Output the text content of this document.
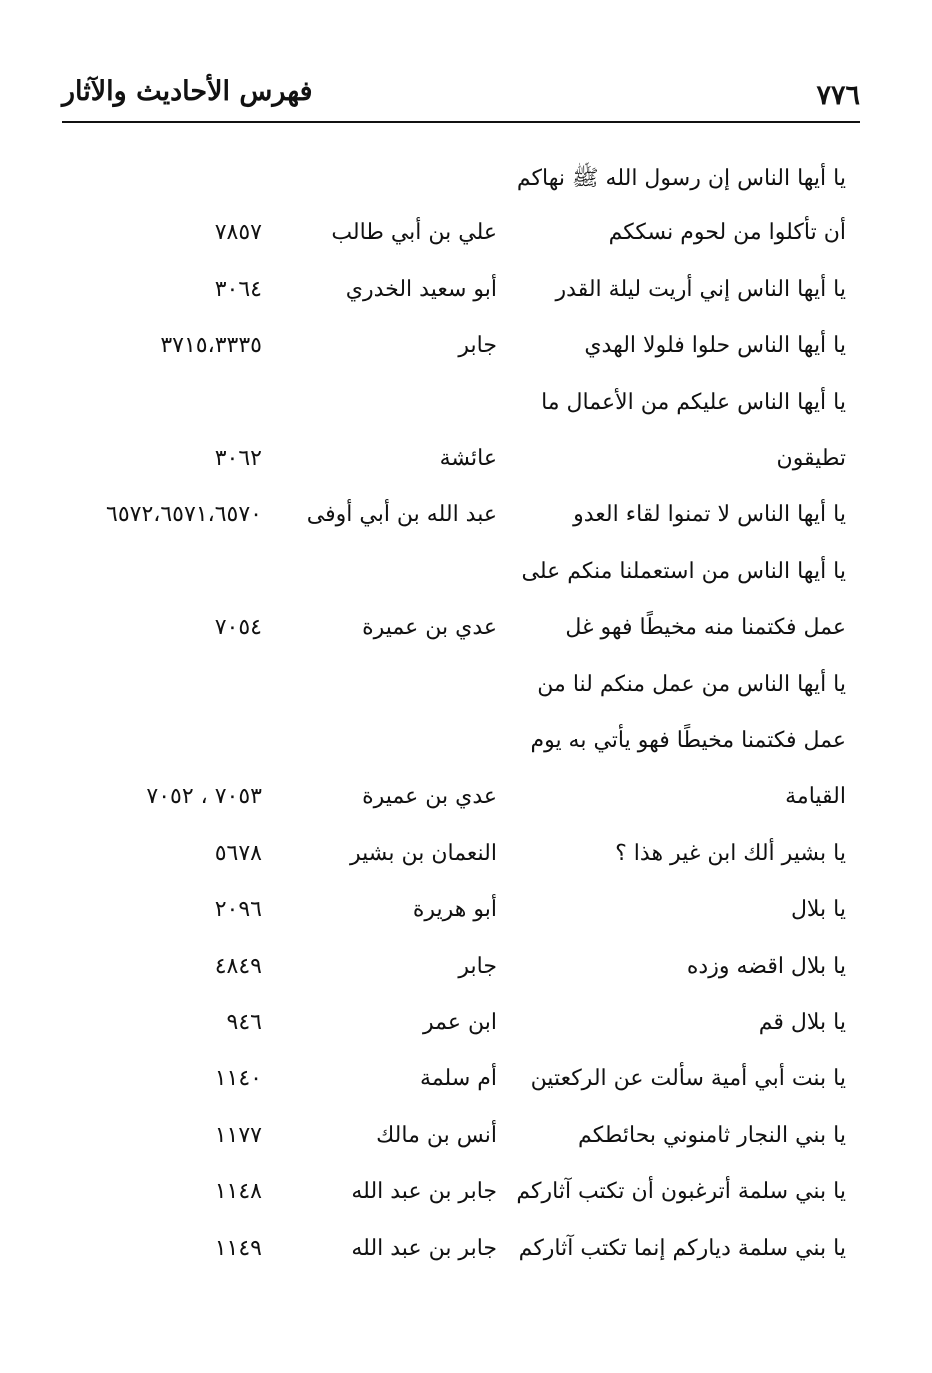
٧٧٦
فهرس الأحاديث والآثار
يا أيها الناس إن رسول الله ﷺ نهاكم
أن تأكلوا من لحوم نسككم
علي بن أبي طالب
٧٨٥٧
يا أيها الناس إني أريت ليلة القدر
أبو سعيد الخدري
٣٠٦٤
يا أيها الناس حلوا فلولا الهدي
جابر
٣٧١٥،٣٣٣٥
يا أيها الناس عليكم من الأعمال ما
تطيقون
عائشة
٣٠٦٢
يا أيها الناس لا تمنوا لقاء العدو
عبد الله بن أبي أوفى
٦٥٧٢،٦٥٧١،٦٥٧٠
يا أيها الناس من استعملنا منكم على
عمل فكتمنا منه مخيطًا فهو غل
عدي بن عميرة
٧٠٥٤
يا أيها الناس من عمل منكم لنا من
عمل فكتمنا مخيطًا فهو يأتي به يوم
القيامة
عدي بن عميرة
٧٠٥٣ ، ٧٠٥٢
يا بشير ألك ابن غير هذا ؟
النعمان بن بشير
٥٦٧٨
يا بلال
أبو هريرة
٢٠٩٦
يا بلال اقضه وزده
جابر
٤٨٤٩
يا بلال قم
ابن عمر
٩٤٦
يا بنت أبي أمية سألت عن الركعتين
أم سلمة
١١٤٠
يا بني النجار ثامنوني بحائطكم
أنس بن مالك
١١٧٧
يا بني سلمة أترغبون أن تكتب آثاركم
جابر بن عبد الله
١١٤٨
يا بني سلمة دياركم إنما تكتب آثاركم
جابر بن عبد الله
١١٤٩
